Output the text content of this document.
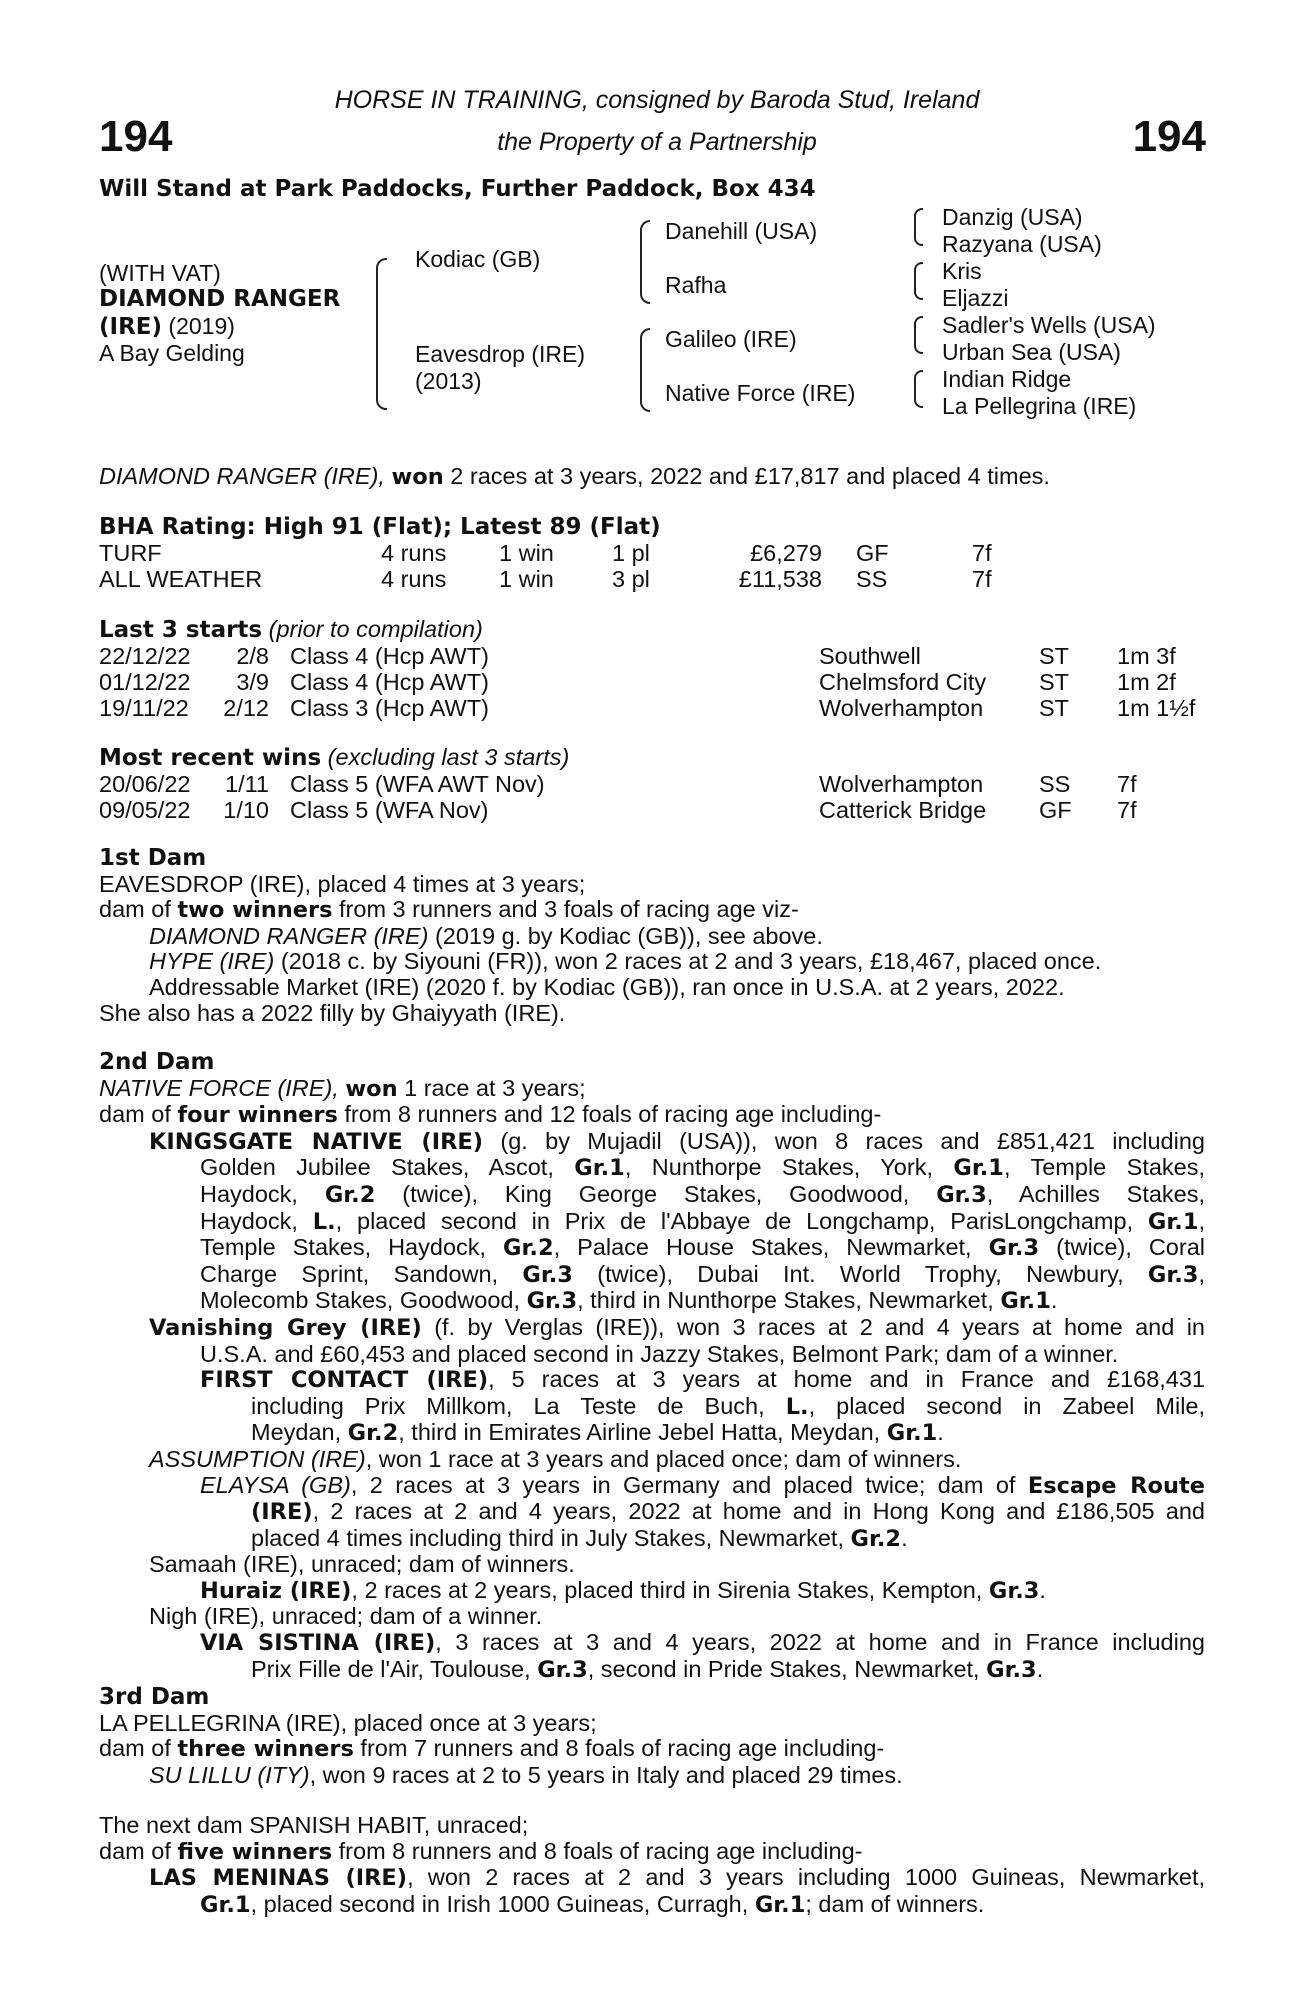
194	194
HORSE IN TRAINING, consigned by Baroda Stud, Ireland
the Property of a Partnership
Will Stand at Park Paddocks, Further Paddock, Box 434
(WITH VAT)
DIAMOND RANGER
(IRE) (2019)
A Bay Gelding
Kodiac (GB)
Eavesdrop (IRE)
(2013)
Danehill (USA)
Rafha
Galileo (IRE)
Native Force (IRE)
Danzig (USA)
Razyana (USA)
Kris
Eljazzi
Sadler's Wells (USA)
Urban Sea (USA)
Indian Ridge
La Pellegrina (IRE)
DIAMOND RANGER (IRE), won 2 races at 3 years, 2022 and £17,817 and placed 4 times.
BHA Rating: High 91 (Flat); Latest 89 (Flat)
TURF	4 runs 1 win 1 pl	£6,279 GF	7f
ALL WEATHER	4 runs 1 win 3 pl	£11,538 SS	7f
Last 3 starts (prior to compilation)
22/12/22 2/8 Class 4 (Hcp AWT)	Southwell	ST 1m 3f
01/12/22 3/9 Class 4 (Hcp AWT)	Chelmsford City ST 1m 2f
19/11/22 2/12 Class 3 (Hcp AWT)	Wolverhampton ST 1m 1½f
Most recent wins (excluding last 3 starts)
20/06/22 1/11 Class 5 (WFA AWT Nov)	Wolverhampton SS 7f
09/05/22 1/10 Class 5 (WFA Nov)	Catterick Bridge GF 7f
1st Dam
EAVESDROP (IRE), placed 4 times at 3 years;
dam of two winners from 3 runners and 3 foals of racing age viz-
DIAMOND RANGER (IRE) (2019 g. by Kodiac (GB)), see above.
HYPE (IRE) (2018 c. by Siyouni (FR)), won 2 races at 2 and 3 years, £18,467, placed once.
Addressable Market (IRE) (2020 f. by Kodiac (GB)), ran once in U.S.A. at 2 years, 2022.
She also has a 2022 filly by Ghaiyyath (IRE).
2nd Dam
NATIVE FORCE (IRE), won 1 race at 3 years;
dam of four winners from 8 runners and 12 foals of racing age including-
KINGSGATE NATIVE (IRE) (g. by Mujadil (USA)), won 8 races and £851,421 including
Golden Jubilee Stakes, Ascot, Gr.1, Nunthorpe Stakes, York, Gr.1, Temple Stakes,
Haydock, Gr.2 (twice), King George Stakes, Goodwood, Gr.3, Achilles Stakes,
Haydock, L., placed second in Prix de l'Abbaye de Longchamp, ParisLongchamp, Gr.1,
Temple Stakes, Haydock, Gr.2, Palace House Stakes, Newmarket, Gr.3 (twice), Coral
Charge Sprint, Sandown, Gr.3 (twice), Dubai Int. World Trophy, Newbury, Gr.3,
Molecomb Stakes, Goodwood, Gr.3, third in Nunthorpe Stakes, Newmarket, Gr.1.
Vanishing Grey (IRE) (f. by Verglas (IRE)), won 3 races at 2 and 4 years at home and in
U.S.A. and £60,453 and placed second in Jazzy Stakes, Belmont Park; dam of a winner.
FIRST CONTACT (IRE), 5 races at 3 years at home and in France and £168,431
including Prix Millkom, La Teste de Buch, L., placed second in Zabeel Mile,
Meydan, Gr.2, third in Emirates Airline Jebel Hatta, Meydan, Gr.1.
ASSUMPTION (IRE), won 1 race at 3 years and placed once; dam of winners.
ELAYSA (GB), 2 races at 3 years in Germany and placed twice; dam of Escape Route
(IRE), 2 races at 2 and 4 years, 2022 at home and in Hong Kong and £186,505 and
placed 4 times including third in July Stakes, Newmarket, Gr.2.
Samaah (IRE), unraced; dam of winners.
Huraiz (IRE), 2 races at 2 years, placed third in Sirenia Stakes, Kempton, Gr.3.
Nigh (IRE), unraced; dam of a winner.
VIA SISTINA (IRE), 3 races at 3 and 4 years, 2022 at home and in France including
Prix Fille de l'Air, Toulouse, Gr.3, second in Pride Stakes, Newmarket, Gr.3.
3rd Dam
LA PELLEGRINA (IRE), placed once at 3 years;
dam of three winners from 7 runners and 8 foals of racing age including-
SU LILLU (ITY), won 9 races at 2 to 5 years in Italy and placed 29 times.
The next dam SPANISH HABIT, unraced;
dam of five winners from 8 runners and 8 foals of racing age including-
LAS MENINAS (IRE), won 2 races at 2 and 3 years including 1000 Guineas, Newmarket,
Gr.1, placed second in Irish 1000 Guineas, Curragh, Gr.1; dam of winners.
